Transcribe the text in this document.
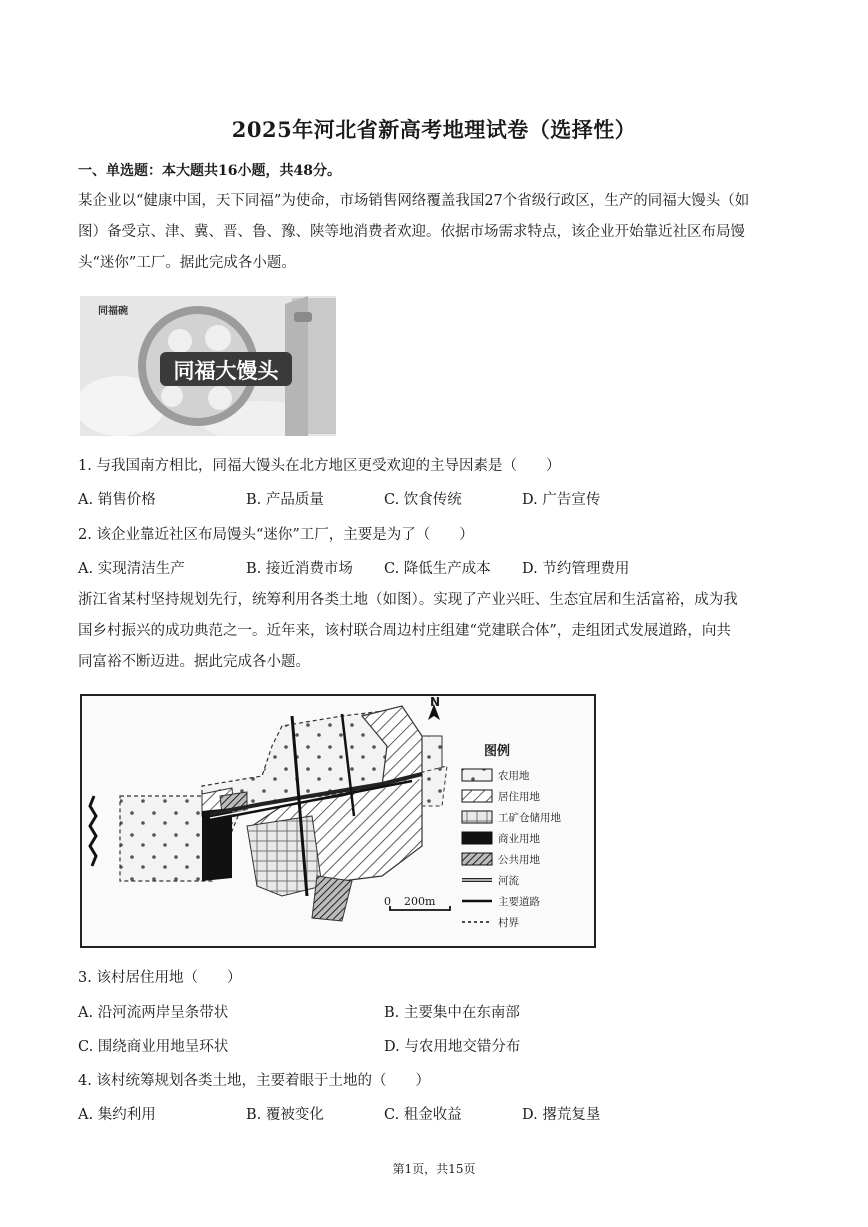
2025年河北省新高考地理试卷（选择性）
一、单选题：本大题共16小题，共48分。
某企业以“健康中国，天下同福”为使命，市场销售网络覆盖我国27个省级行政区，生产的同福大馒头（如
图）备受京、津、冀、晋、鲁、豫、陕等地消费者欢迎。依据市场需求特点，该企业开始靠近社区布局馒
头“迷你”工厂。据此完成各小题。
同福碗
同福大馒头
1. 与我国南方相比，同福大馒头在北方地区更受欢迎的主导因素是（　　）
A. 销售价格	B. 产品质量	C. 饮食传统	D. 广告宣传
2. 该企业靠近社区布局馒头“迷你”工厂，主要是为了（　　）
A. 实现清洁生产	B. 接近消费市场 C. 降低生产成本 D. 节约管理费用
浙江省某村坚持规划先行，统筹利用各类土地（如图）。实现了产业兴旺、生态宜居和生活富裕，成为我
国乡村振兴的成功典范之一。近年来，该村联合周边村庄组建“党建联合体”，走组团式发展道路，向共
同富裕不断迈进。据此完成各小题。
N
0 200m
图例
农用地
居住用地
工矿仓储用地
商业用地
公共用地
河流
主要道路
村界
3. 该村居住用地（　　）
A. 沿河流两岸呈条带状	B. 主要集中在东南部
C. 围绕商业用地呈环状	D. 与农用地交错分布
4. 该村统筹规划各类土地，主要着眼于土地的（　　）
A. 集约利用	B. 覆被变化	C. 租金收益	D. 撂荒复垦
第1页，共15页
